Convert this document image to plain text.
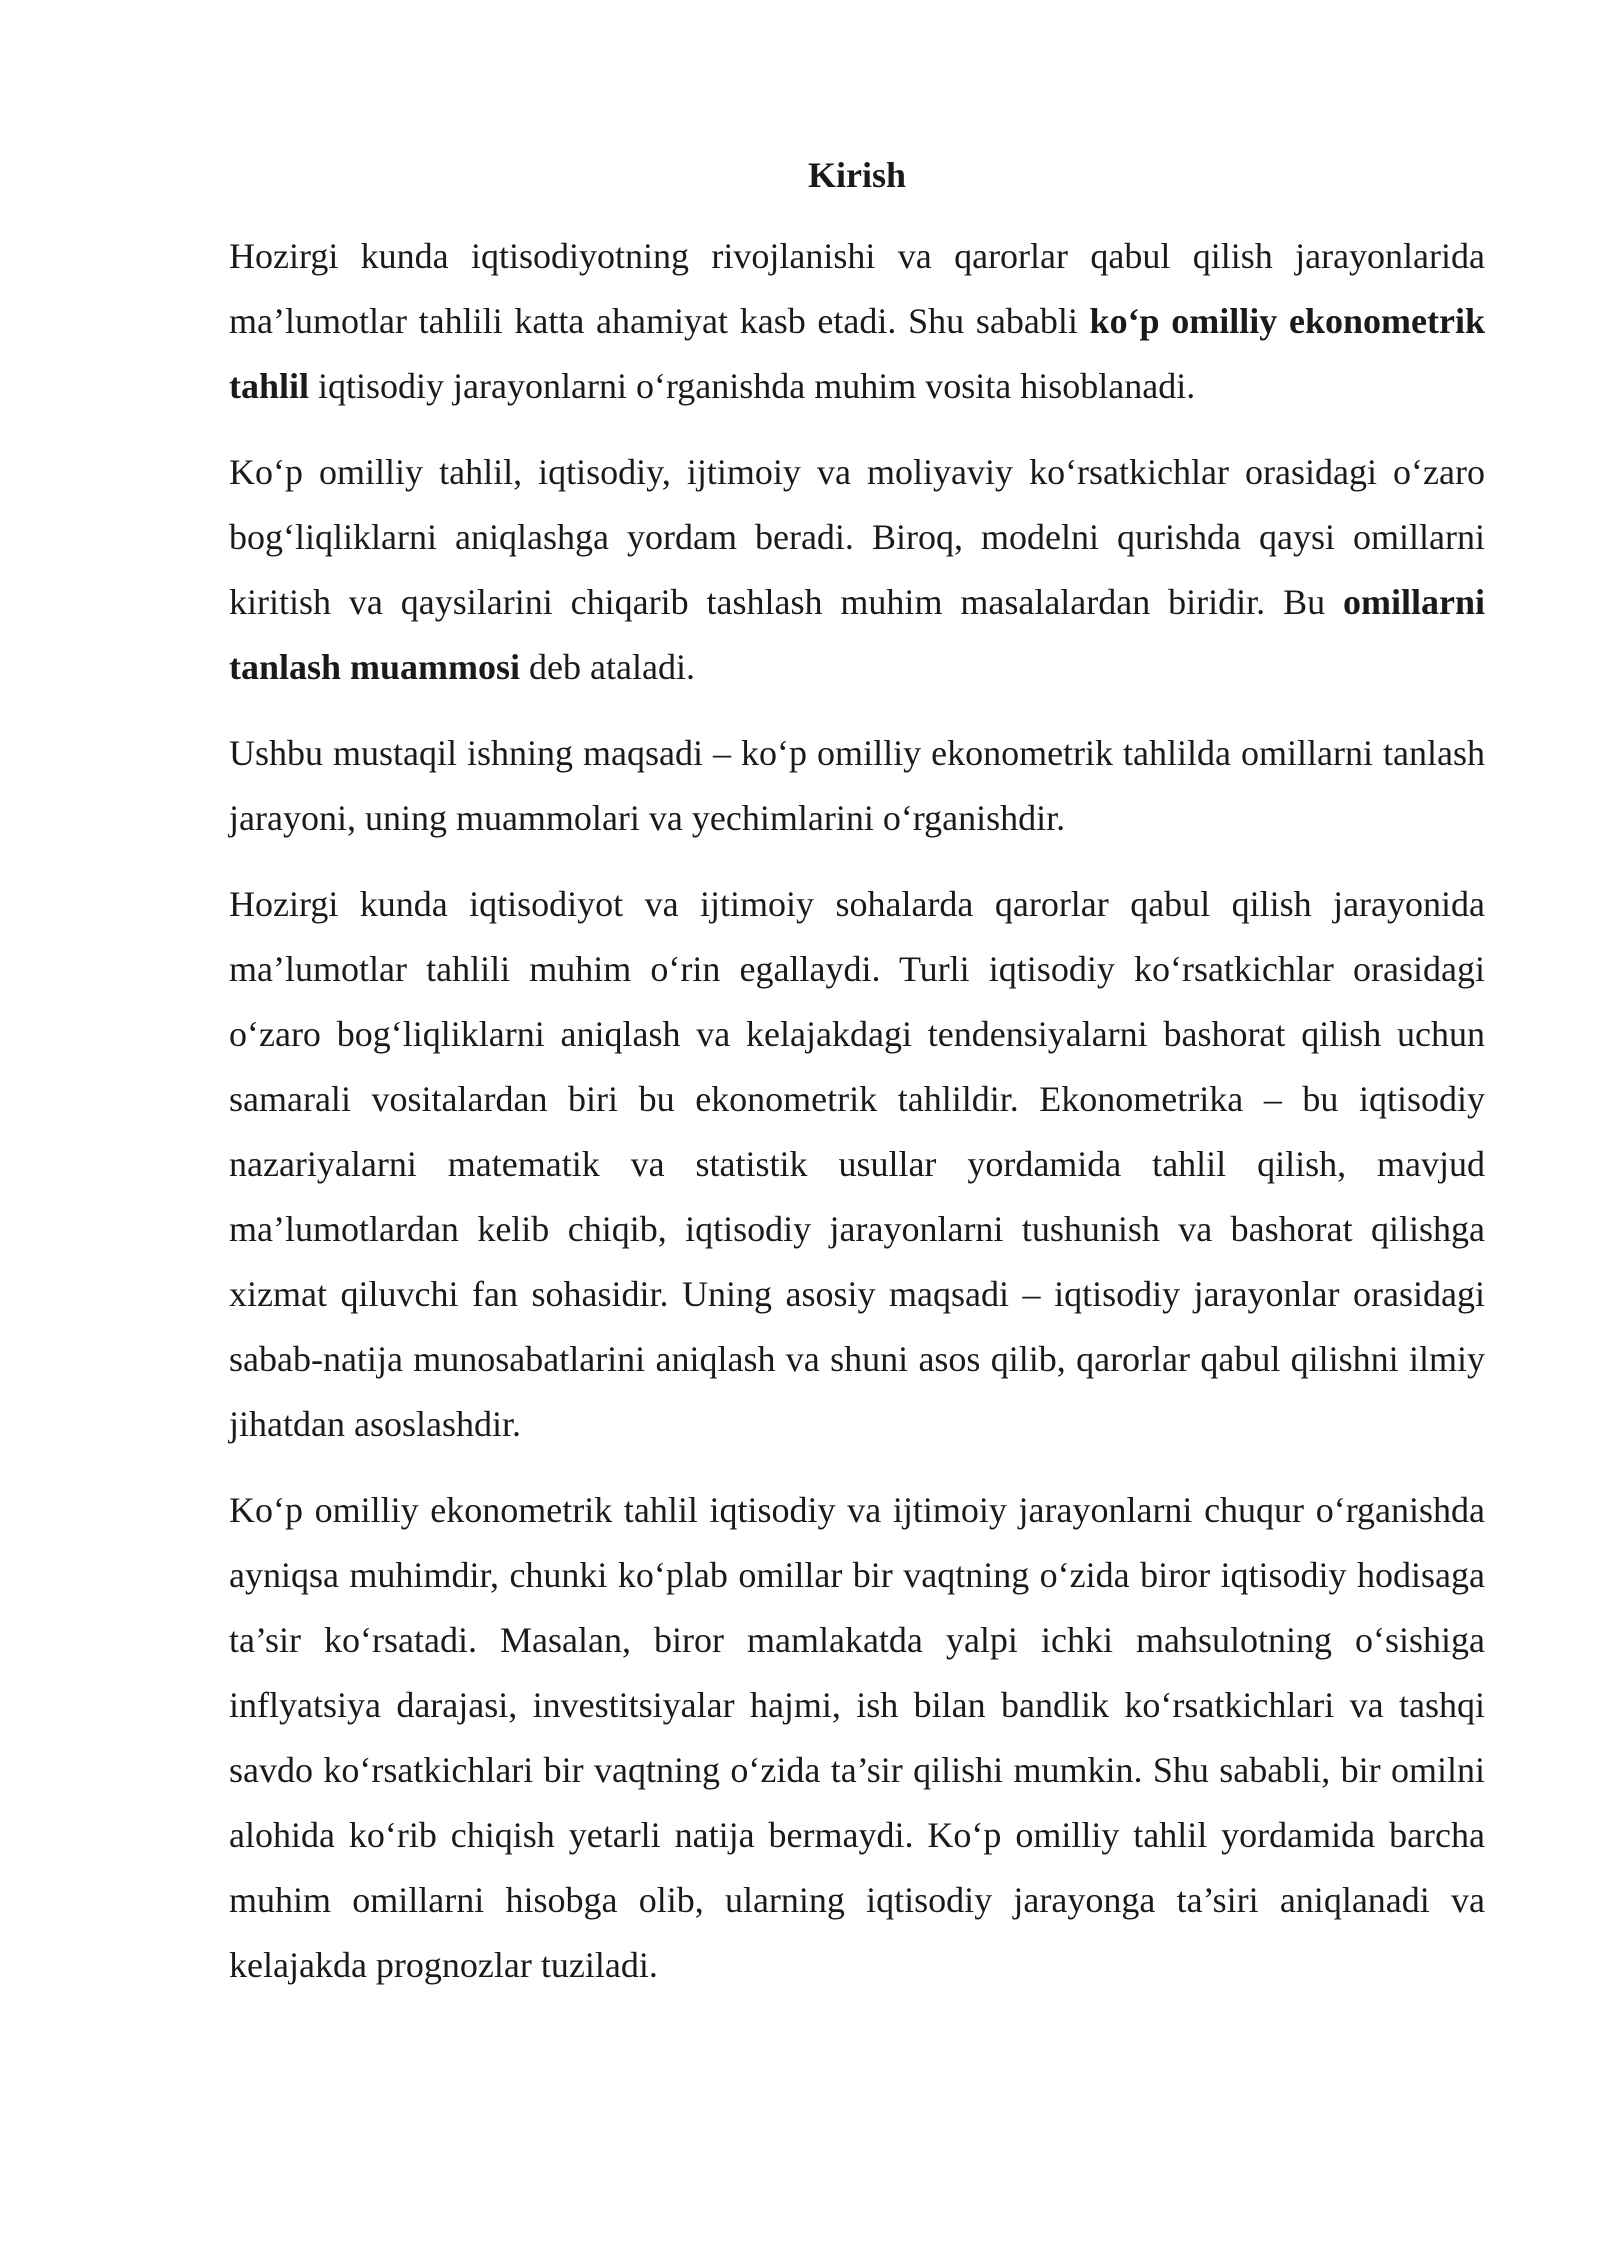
Kirish

Hozirgi kunda iqtisodiyotning rivojlanishi va qarorlar qabul qilish jarayonlarida ma’lumotlar tahlili katta ahamiyat kasb etadi. Shu sababli ko‘p omilliy ekonometrik tahlil iqtisodiy jarayonlarni o‘rganishda muhim vosita hisoblanadi.

Ko‘p omilliy tahlil, iqtisodiy, ijtimoiy va moliyaviy ko‘rsatkichlar orasidagi o‘zaro bog‘liqliklarni aniqlashga yordam beradi. Biroq, modelni qurishda qaysi omillarni kiritish va qaysilarini chiqarib tashlash muhim masalalardan biridir. Bu omillarni tanlash muammosi deb ataladi.

Ushbu mustaqil ishning maqsadi – ko‘p omilliy ekonometrik tahlilda omillarni tanlash jarayoni, uning muammolari va yechimlarini o‘rganishdir.

Hozirgi kunda iqtisodiyot va ijtimoiy sohalarda qarorlar qabul qilish jarayonida ma’lumotlar tahlili muhim o‘rin egallaydi. Turli iqtisodiy ko‘rsatkichlar orasidagi o‘zaro bog‘liqliklarni aniqlash va kelajakdagi tendensiyalarni bashorat qilish uchun samarali vositalardan biri bu ekonometrik tahlildir. Ekonometrika – bu iqtisodiy nazariyalarni matematik va statistik usullar yordamida tahlil qilish, mavjud ma’lumotlardan kelib chiqib, iqtisodiy jarayonlarni tushunish va bashorat qilishga xizmat qiluvchi fan sohasidir. Uning asosiy maqsadi – iqtisodiy jarayonlar orasidagi sabab-natija munosabatlarini aniqlash va shuni asos qilib, qarorlar qabul qilishni ilmiy jihatdan asoslashdir.

Ko‘p omilliy ekonometrik tahlil iqtisodiy va ijtimoiy jarayonlarni chuqur o‘rganishda ayniqsa muhimdir, chunki ko‘plab omillar bir vaqtning o‘zida biror iqtisodiy hodisaga ta’sir ko‘rsatadi. Masalan, biror mamlakatda yalpi ichki mahsulotning o‘sishiga inflyatsiya darajasi, investitsiyalar hajmi, ish bilan bandlik ko‘rsatkichlari va tashqi savdo ko‘rsatkichlari bir vaqtning o‘zida ta’sir qilishi mumkin. Shu sababli, bir omilni alohida ko‘rib chiqish yetarli natija bermaydi. Ko‘p omilliy tahlil yordamida barcha muhim omillarni hisobga olib, ularning iqtisodiy jarayonga ta’siri aniqlanadi va kelajakda prognozlar tuziladi.
